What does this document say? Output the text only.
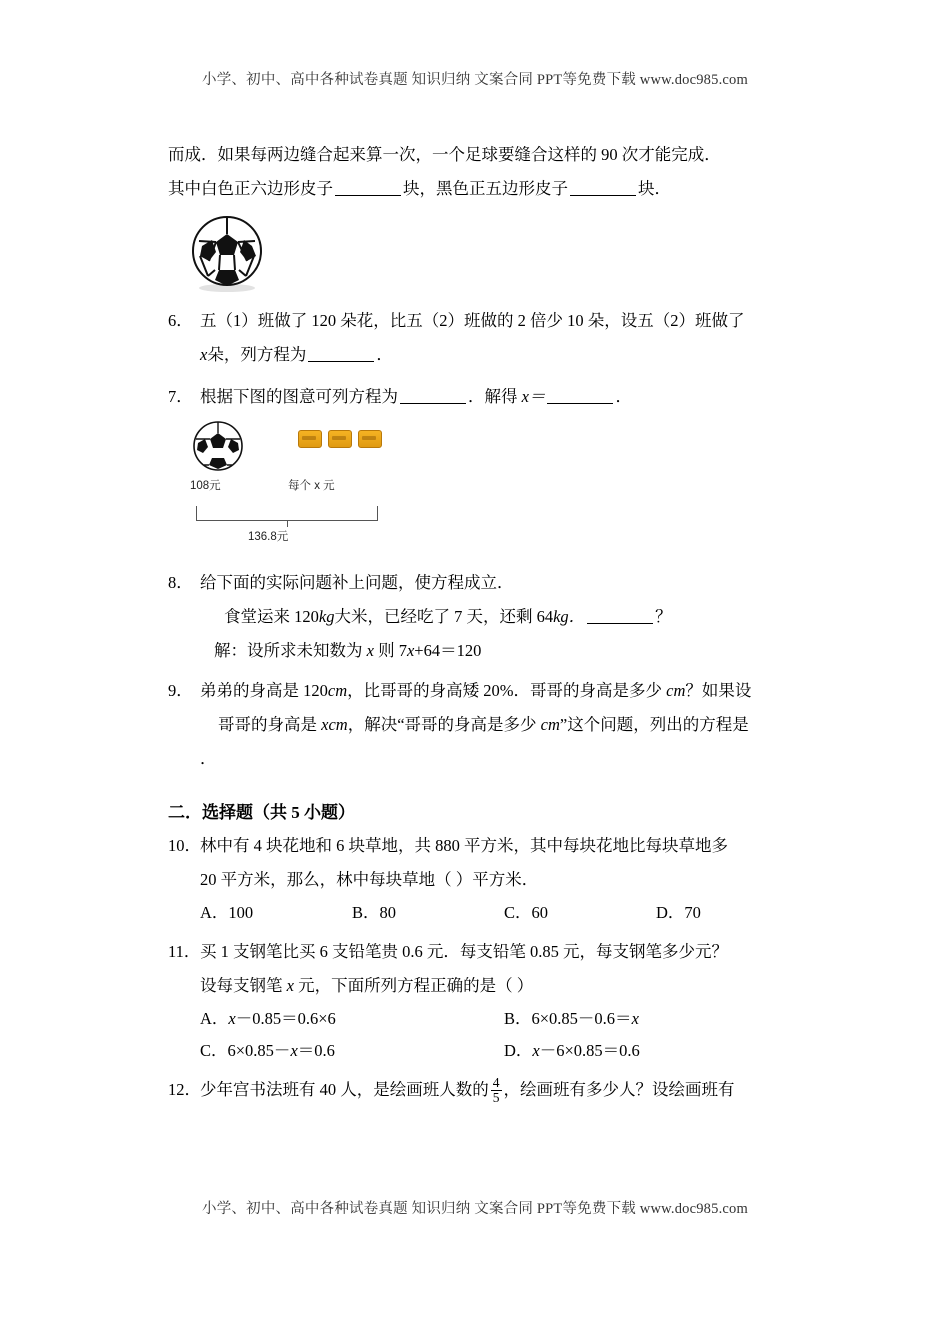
小学、初中、高中各种试卷真题 知识归纳 文案合同 PPT等免费下载 www.doc985.com
小学、初中、高中各种试卷真题 知识归纳 文案合同 PPT等免费下载 www.doc985.com
而成．如果每两边缝合起来算一次，一个足球要缝合这样的 90 次才能完成．
其中白色正六边形皮子	块，黑色正五边形皮子	块．
6． 五（1）班做了 120 朵花，比五（2）班做的 2 倍少 10 朵，设五（2）班做了
x朵，列方程为	．
7． 根据下图的图意可列方程为	．解得 x＝	．
108元	每个 x 元
136.8元
8． 给下面的实际问题补上问题，使方程成立．
食堂运来 120kg大米，已经吃了 7 天，还剩 64kg．	？
解：设所求未知数为 x 则 7x+64＝120
9． 弟弟的身高是 120cm，比哥哥的身高矮 20%．哥哥的身高是多少 cm？如果设
哥哥的身高是 xcm，解决“哥哥的身高是多少 cm”这个问题，列出的方程是
．
二．选择题（共 5 小题）
10． 林中有 4 块花地和 6 块草地，共 880 平方米，其中每块花地比每块草地多
20 平方米，那么，林中每块草地（ ）平方米．
A．100	B．80	C．60	D．70
11． 买 1 支钢笔比买 6 支铅笔贵 0.6 元．每支铅笔 0.85 元，每支钢笔多少元？
设每支钢笔 x 元，下面所列方程正确的是（ ）
A．x－0.85＝0.6×6	B．6×0.85－0.6＝x
C．6×0.85－x＝0.6	D．x－6×0.85＝0.6
12． 少年宫书法班有 40 人，是绘画班人数的 $\frac{4}{5}$ ，绘画班有多少人？设绘画班有
